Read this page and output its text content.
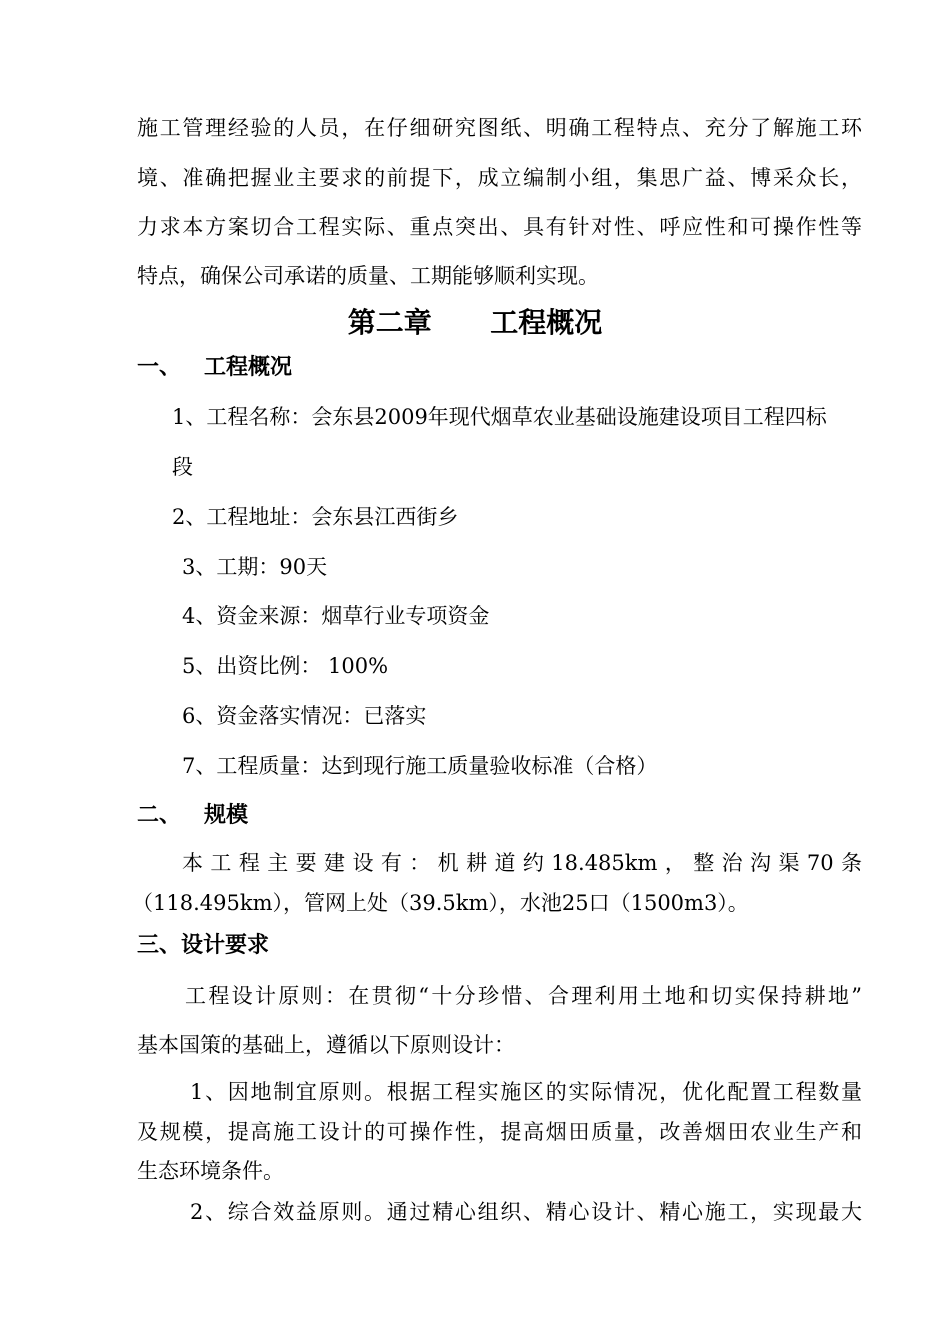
施工管理经验的人员，在仔细研究图纸、明确工程特点、充分了解施工环
境、准确把握业主要求的前提下，成立编制小组，集思广益、博采众长，
力求本方案切合工程实际、重点突出、具有针对性、呼应性和可操作性等
特点，确保公司承诺的质量、工期能够顺利实现。
第二章      工程概况
一、   工程概况
1、工程名称：会东县2009年现代烟草农业基础设施建设项目工程四标
段
2、工程地址：会东县江西街乡
3、工期：90天
4、资金来源：烟草行业专项资金
5、出资比例： 100%
6、资金落实情况：已落实
7、工程质量：达到现行施工质量验收标准（合格）
二、   规模
本工程主要建设有：机耕道约18.485km，整治沟渠70条
（118.495km），管网上处（39.5km），水池25口（1500m3）。
三、设计要求
工程设计原则：在贯彻“十分珍惜、合理利用土地和切实保持耕地”
基本国策的基础上，遵循以下原则设计：
1、因地制宜原则。根据工程实施区的实际情况，优化配置工程数量
及规模，提高施工设计的可操作性，提高烟田质量，改善烟田农业生产和
生态环境条件。
2、综合效益原则。通过精心组织、精心设计、精心施工，实现最大
